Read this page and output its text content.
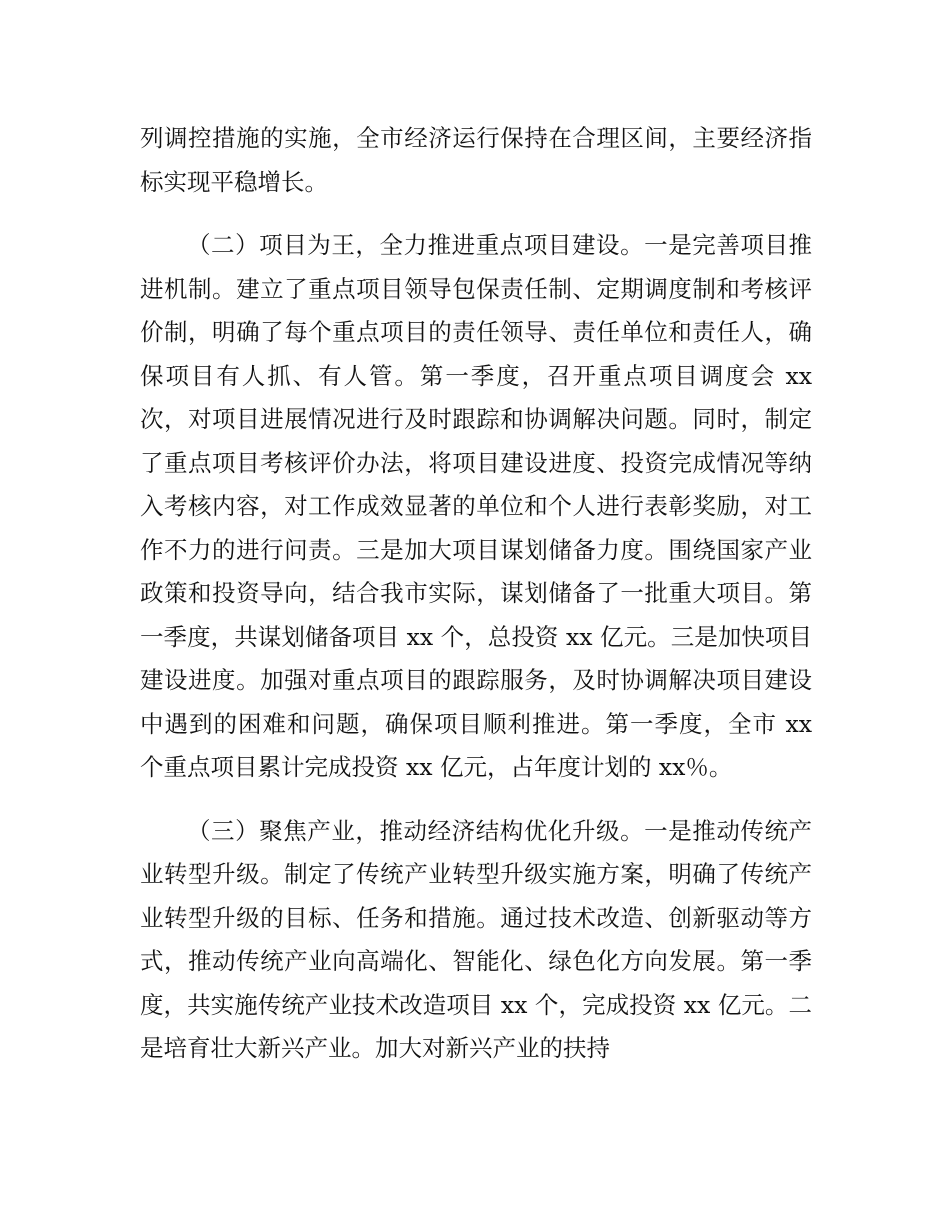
列调控措施的实施，全市经济运行保持在合理区间，主要经济指标实现平稳增长。

（二）项目为王，全力推进重点项目建设。一是完善项目推进机制。建立了重点项目领导包保责任制、定期调度制和考核评价制，明确了每个重点项目的责任领导、责任单位和责任人，确保项目有人抓、有人管。第一季度，召开重点项目调度会 xx 次，对项目进展情况进行及时跟踪和协调解决问题。同时，制定了重点项目考核评价办法，将项目建设进度、投资完成情况等纳入考核内容，对工作成效显著的单位和个人进行表彰奖励，对工作不力的进行问责。三是加大项目谋划储备力度。围绕国家产业政策和投资导向，结合我市实际，谋划储备了一批重大项目。第一季度，共谋划储备项目 xx 个，总投资 xx 亿元。三是加快项目建设进度。加强对重点项目的跟踪服务，及时协调解决项目建设中遇到的困难和问题，确保项目顺利推进。第一季度，全市 xx 个重点项目累计完成投资 xx 亿元，占年度计划的 xx％。

（三）聚焦产业，推动经济结构优化升级。一是推动传统产业转型升级。制定了传统产业转型升级实施方案，明确了传统产业转型升级的目标、任务和措施。通过技术改造、创新驱动等方式，推动传统产业向高端化、智能化、绿色化方向发展。第一季度，共实施传统产业技术改造项目 xx 个，完成投资 xx 亿元。二是培育壮大新兴产业。加大对新兴产业的扶持
